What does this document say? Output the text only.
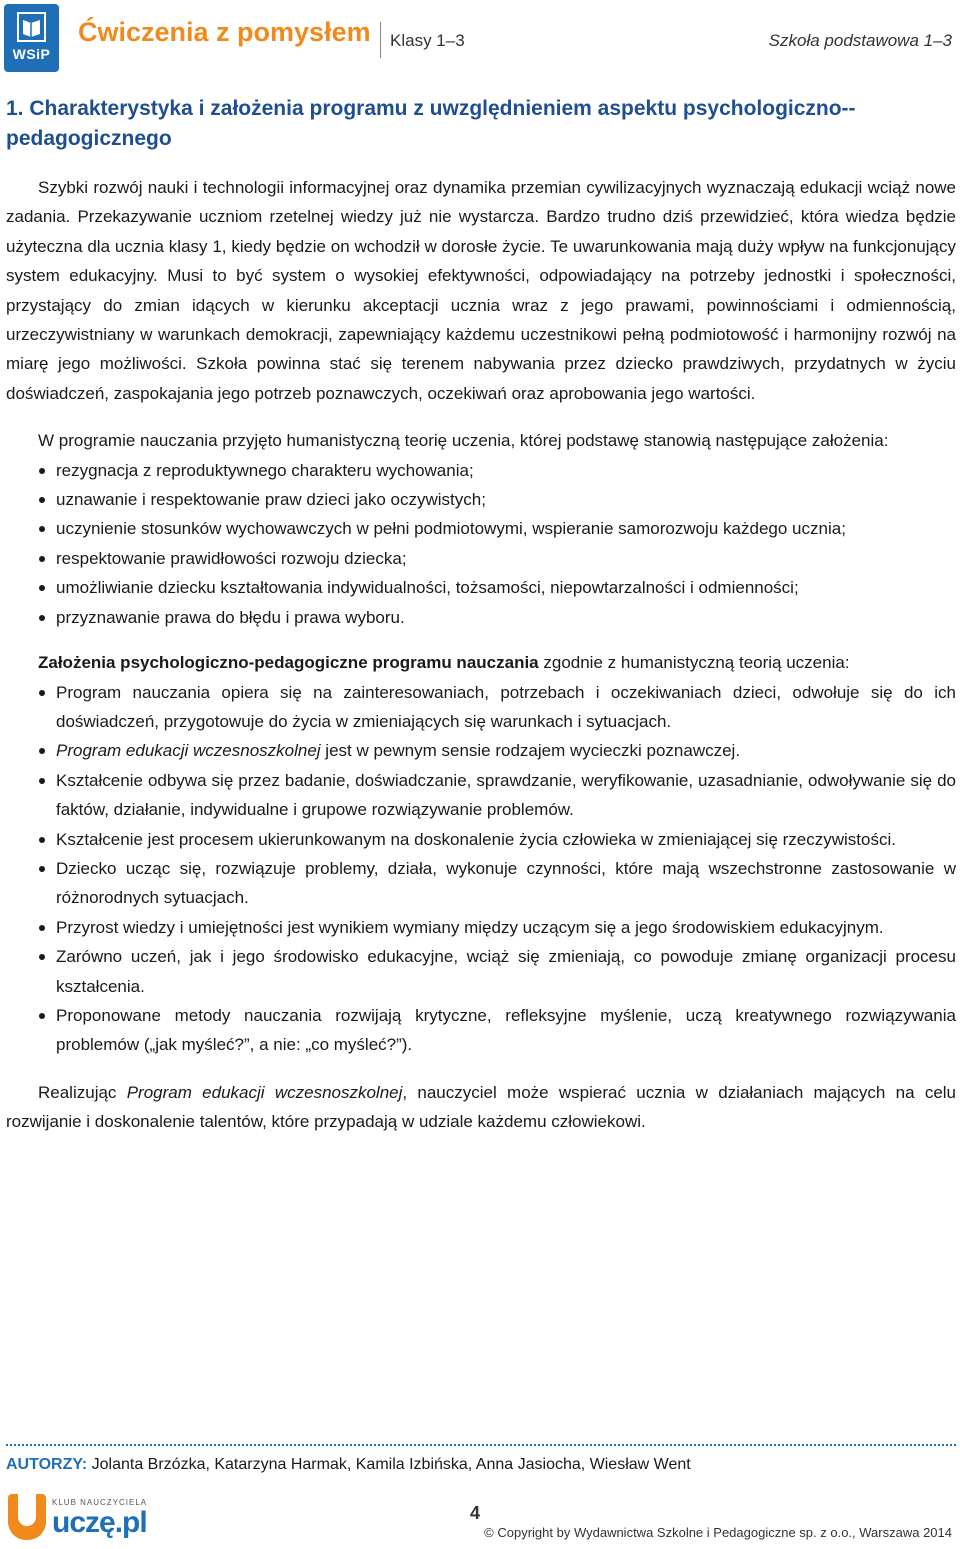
WSiP
Ćwiczenia z pomysłem Klasy 1–3	Szkoła podstawowa 1–3
1. Charakterystyka i założenia programu z uwzględnieniem aspektu psychologiczno--pedagogicznego

Szybki rozwój nauki i technologii informacyjnej oraz dynamika przemian cywilizacyjnych wyznaczają edukacji wciąż nowe zadania. Przekazywanie uczniom rzetelnej wiedzy już nie wystarcza. Bardzo trudno dziś przewidzieć, która wiedza będzie użyteczna dla ucznia klasy 1, kiedy będzie on wchodził w dorosłe życie. Te uwarunkowania mają duży wpływ na funkcjonujący system edukacyjny. Musi to być system o wysokiej efektywności, odpowiadający na potrzeby jednostki i społeczności, przystający do zmian idących w kierunku akceptacji ucznia wraz z jego prawami, powinnościami i odmiennością, urzeczywistniany w warunkach demokracji, zapewniający każdemu uczestnikowi pełną podmiotowość i harmonijny rozwój na miarę jego możliwości. Szkoła powinna stać się terenem nabywania przez dziecko prawdziwych, przydatnych w życiu doświadczeń, zaspokajania jego potrzeb poznawczych, oczekiwań oraz aprobowania jego wartości.

W programie nauczania przyjęto humanistyczną teorię uczenia, której podstawę stanowią następujące założenia:

rezygnacja z reproduktywnego charakteru wychowania;
uznawanie i respektowanie praw dzieci jako oczywistych;
uczynienie stosunków wychowawczych w pełni podmiotowymi, wspieranie samorozwoju każdego ucznia;
respektowanie prawidłowości rozwoju dziecka;
umożliwianie dziecku kształtowania indywidualności, tożsamości, niepowtarzalności i odmienności;
przyznawanie prawa do błędu i prawa wyboru.

Założenia psychologiczno-pedagogiczne programu nauczania zgodnie z humanistyczną teorią uczenia:

Program nauczania opiera się na zainteresowaniach, potrzebach i oczekiwaniach dzieci, odwołuje się do ich doświadczeń, przygotowuje do życia w zmieniających się warunkach i sytuacjach.
Program edukacji wczesnoszkolnej jest w pewnym sensie rodzajem wycieczki poznawczej.
Kształcenie odbywa się przez badanie, doświadczanie, sprawdzanie, weryfikowanie, uzasadnianie, odwoływanie się do faktów, działanie, indywidualne i grupowe rozwiązywanie problemów.
Kształcenie jest procesem ukierunkowanym na doskonalenie życia człowieka w zmieniającej się rzeczywistości.
Dziecko ucząc się, rozwiązuje problemy, działa, wykonuje czynności, które mają wszechstronne zastosowanie w różnorodnych sytuacjach.
Przyrost wiedzy i umiejętności jest wynikiem wymiany między uczącym się a jego środowiskiem edukacyjnym.
Zarówno uczeń, jak i jego środowisko edukacyjne, wciąż się zmieniają, co powoduje zmianę organizacji procesu kształcenia.
Proponowane metody nauczania rozwijają krytyczne, refleksyjne myślenie, uczą kreatywnego rozwiązywania problemów („jak myśleć?”, a nie: „co myśleć?”).

Realizując Program edukacji wczesnoszkolnej, nauczyciel może wspierać ucznia w działaniach mających na celu rozwijanie i doskonalenie talentów, które przypadają w udziale każdemu człowiekowi.

AUTORZY: Jolanta Brzózka, Katarzyna Harmak, Kamila Izbińska, Anna Jasiocha, Wiesław Went
KLUB NAUCZYCIELA
uczę.pl	4
© Copyright by Wydawnictwa Szkolne i Pedagogiczne sp. z o.o., Warszawa 2014
